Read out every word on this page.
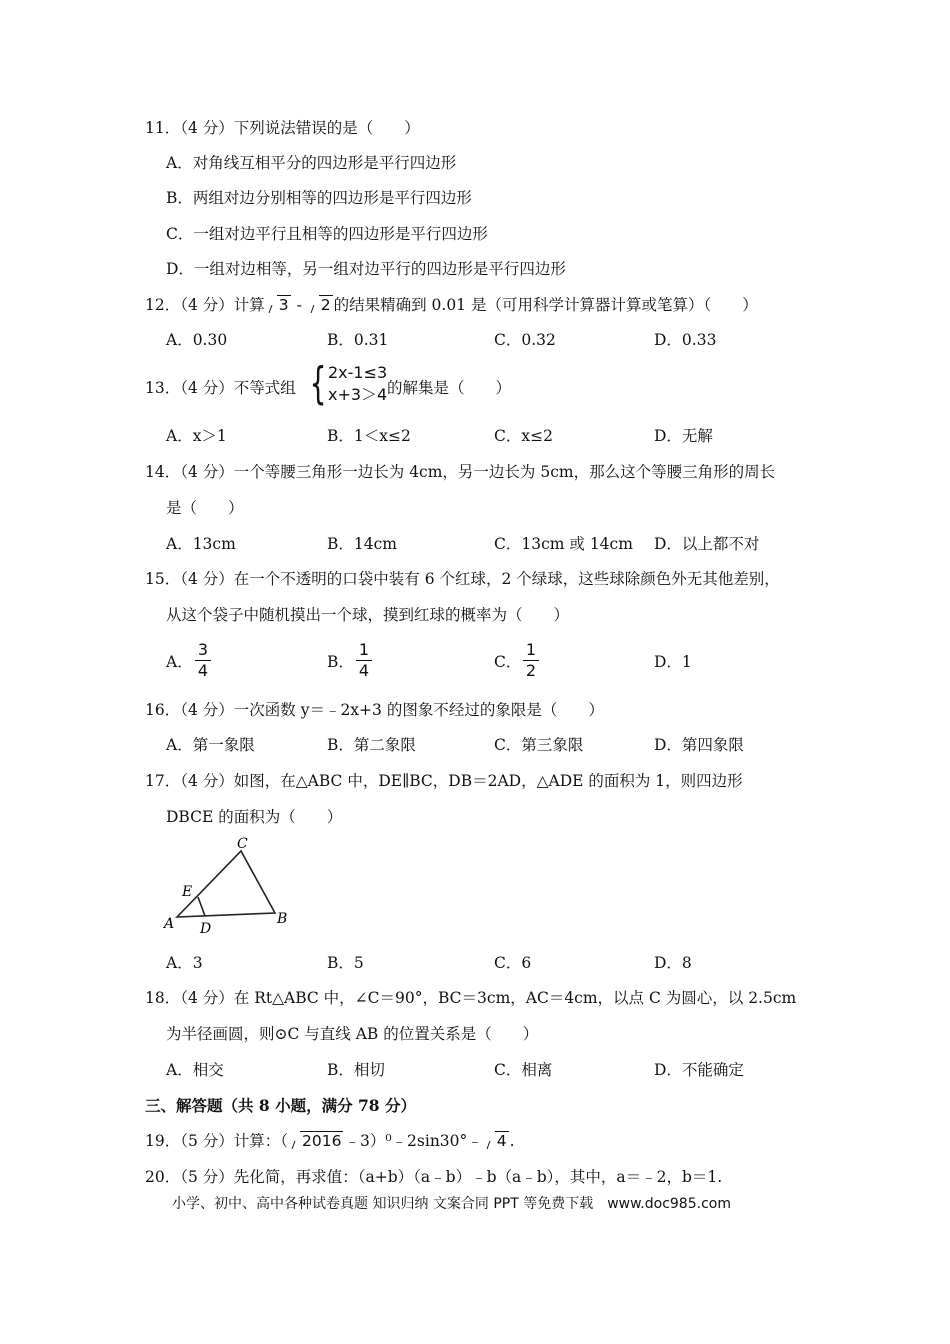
11．（4 分）下列说法错误的是（　　）
A．对角线互相平分的四边形是平行四边形
B．两组对边分别相等的四边形是平行四边形
C．一组对边平行且相等的四边形是平行四边形
D．一组对边相等，另一组对边平行的四边形是平行四边形
12．（4 分）计算 3 - 2 的结果精确到 0.01 是（可用科学计算器计算或笔算）（　　）
A．0.30	B．0.31	C．0.32	D．0.33
13．（4 分）不等式组 { 2x-1≤3
x+3＞4 的解集是（　　）
A．x＞1	B．1＜x≤2	C．x≤2	D．无解
14．（4 分）一个等腰三角形一边长为 4cm，另一边长为 5cm，那么这个等腰三角形的周长
是（　　）
A．13cm	B．14cm	C．13cm 或 14cm D．以上都不对
15．（4 分）在一个不透明的口袋中装有 6 个红球，2 个绿球，这些球除颜色外无其他差别，
从这个袋子中随机摸出一个球，摸到红球的概率为（　　）
A． $\frac{3}{4}$	B． $\frac{1}{4}$	C． $\frac{1}{2}$	D．1
16．（4 分）一次函数 y＝﹣2x+3 的图象不经过的象限是（　　）
A．第一象限	B．第二象限	C．第三象限	D．第四象限
17．（4 分）如图，在△ABC 中，DE∥BC，DB＝2AD，△ADE 的面积为 1，则四边形
DBCE 的面积为（　　）
C
E
A D
B
A．3	B．5	C．6	D．8
18．（4 分）在 Rt△ABC 中，∠C＝90°，BC＝3cm，AC＝4cm，以点 C 为圆心，以 2.5cm
为半径画圆，则⊙C 与直线 AB 的位置关系是（　　）
A．相交	B．相切	C．相离	D．不能确定
三、解答题（共 8 小题，满分 78 分）
19．（5 分）计算：（ 2016 ﹣3）⁰﹣2sin30°﹣ 4 .
20．（5 分）先化简，再求值：（a+b）（a﹣b）﹣b（a﹣b），其中，a＝﹣2，b＝1.
小学、初中、高中各种试卷真题 知识归纳 文案合同 PPT 等免费下载　www.doc985.com
